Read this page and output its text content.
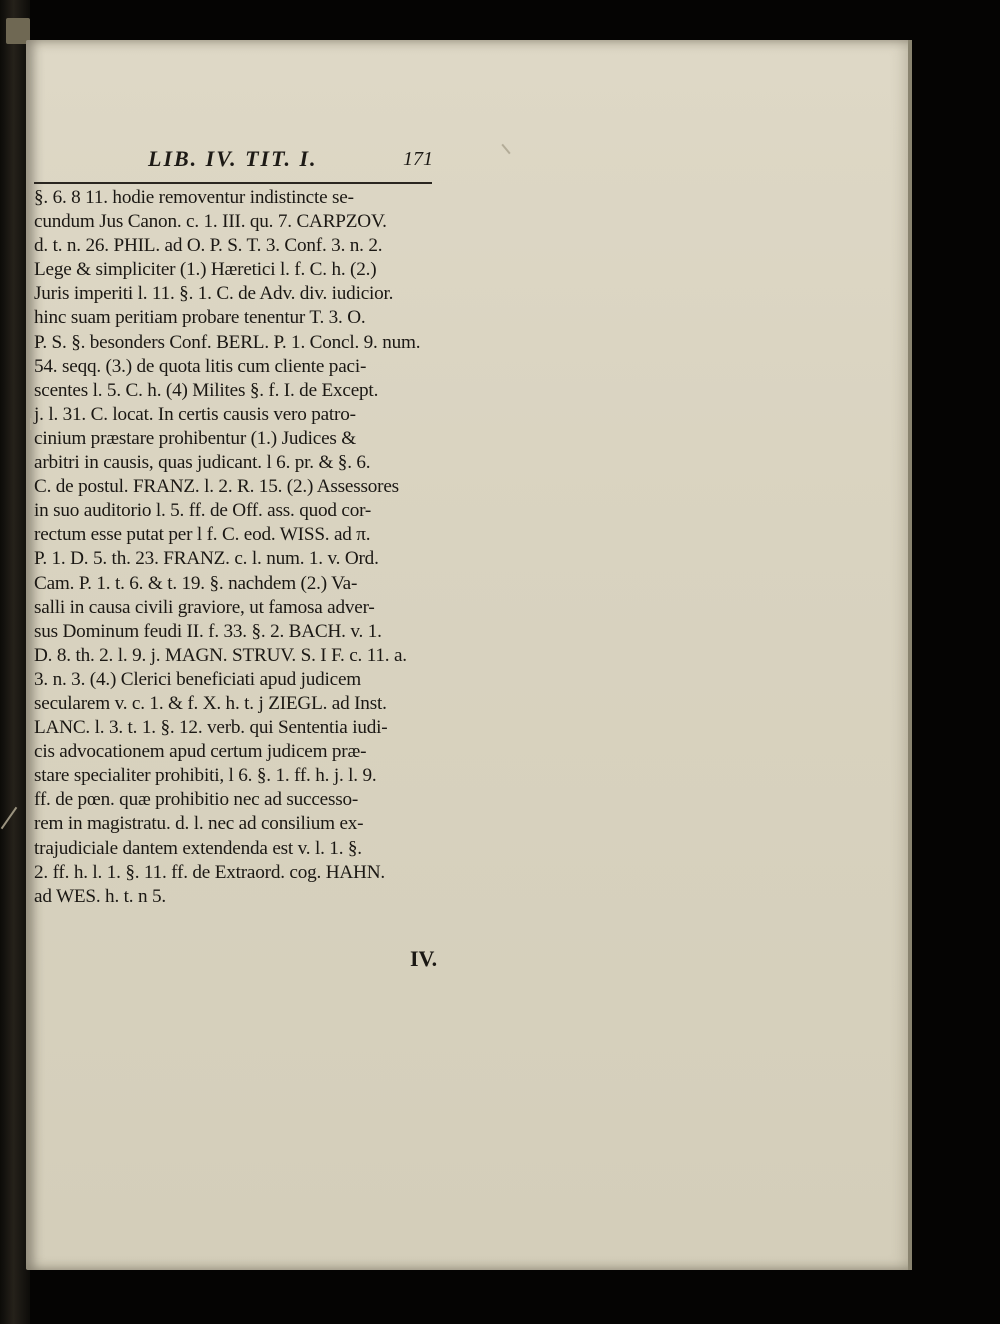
LIB. IV. TIT. I.	171
§. 6. 8 11. hodie removentur indistincte se-
cundum Jus Canon. c. 1. III. qu. 7. CARPZOV.
d. t. n. 26. PHIL. ad O. P. S. T. 3. Conf. 3. n. 2.
Lege & simpliciter (1.) Hæretici l. f. C. h. (2.)
Juris imperiti l. 11. §. 1. C. de Adv. div. iudicior.
hinc suam peritiam probare tenentur T. 3. O.
P. S. §. besonders Conf. BERL. P. 1. Concl. 9. num.
54. seqq. (3.) de quota litis cum cliente paci-
scentes l. 5. C. h. (4) Milites §. f. I. de Except.
j. l. 31. C. locat. In certis causis vero patro-
cinium præstare prohibentur (1.) Judices &
arbitri in causis, quas judicant. l 6. pr. & §. 6.
C. de postul. FRANZ. l. 2. R. 15. (2.) Assessores
in suo auditorio l. 5. ff. de Off. ass. quod cor-
rectum esse putat per l f. C. eod. WISS. ad π.
P. 1. D. 5. th. 23. FRANZ. c. l. num. 1. v. Ord.
Cam. P. 1. t. 6. & t. 19. §. nachdem (2.) Va-
salli in causa civili graviore, ut famosa adver-
sus Dominum feudi II. f. 33. §. 2. BACH. v. 1.
D. 8. th. 2. l. 9. j. MAGN. STRUV. S. I F. c. 11. a.
3. n. 3. (4.) Clerici beneficiati apud judicem
secularem v. c. 1. & f. X. h. t. j ZIEGL. ad Inst.
LANC. l. 3. t. 1. §. 12. verb. qui Sententia iudi-
cis advocationem apud certum judicem præ-
stare specialiter prohibiti, l 6. §. 1. ff. h. j. l. 9.
ff. de pœn. quæ prohibitio nec ad successo-
rem in magistratu. d. l. nec ad consilium ex-
trajudiciale dantem extendenda est v. l. 1. §.
2. ff. h. l. 1. §. 11. ff. de Extraord. cog. HAHN.
ad WES. h. t. n 5.
IV.
